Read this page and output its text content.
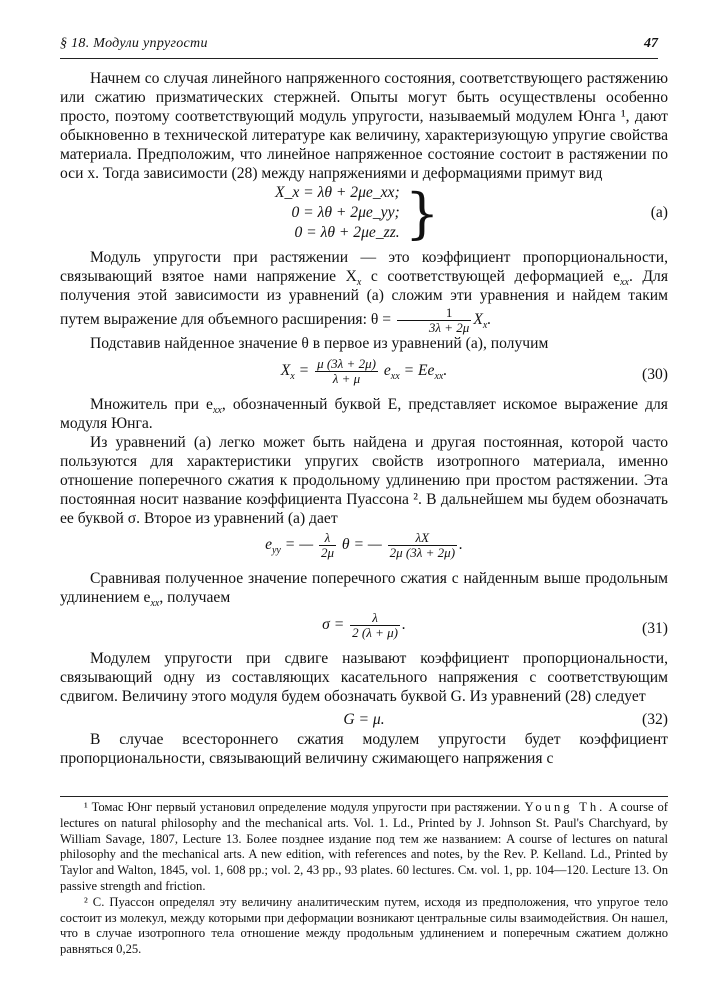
§ 18. Модули упругости	47

Начнем со случая линейного напряженного состояния, соответствующего растяжению или сжатию призматических стержней. Опыты могут быть осуществлены особенно просто, поэтому соответствующий модуль упругости, называемый модулем Юнга ¹, дают обыкновенно в технической литературе как величину, характеризующую упругие свойства материала. Предположим, что линейное напряженное состояние состоит в растяжении по оси x. Тогда зависимости (28) между напряжениями и деформациями примут вид

X_x = λθ + 2μe_xx;
0 = λθ + 2μe_yy;
0 = λθ + 2μe_zz. }	(a)

Модуль упругости при растяжении — это коэффициент пропорциональности, связывающий взятое нами напряжение $X_x$ с соответствующей деформацией $e_{xx}$. Для получения этой зависимости из уравнений (а) сложим эти уравнения и найдем таким путем выражение для объемного расширения: $\theta = \frac{1}{3\lambda + 2\mu} X_x$.

Подставив найденное значение θ в первое из уравнений (а), получим

$X_x = \frac{\mu (3\lambda + 2\mu)}{\lambda + \mu} e_{xx} = Ee_{xx}$.	(30)

Множитель при $e_{xx}$, обозначенный буквой E, представляет искомое выражение для модуля Юнга.

Из уравнений (а) легко может быть найдена и другая постоянная, которой часто пользуются для характеристики упругих свойств изотропного материала, именно отношение поперечного сжатия к продольному удлинению при простом растяжении. Эта постоянная носит название коэффициента Пуассона ². В дальнейшем мы будем обозначать ее буквой σ. Второе из уравнений (а) дает

$e_{yy}$ = — $\frac{\lambda}{2\mu}$ θ = — $\frac{\lambda X}{2\mu (3\lambda + 2\mu)}$ .

Сравнивая полученное значение поперечного сжатия с найденным выше продольным удлинением $e_{xx}$, получаем

$\sigma = \frac{\lambda}{2 (\lambda + \mu)}$ .	(31)

Модулем упругости при сдвиге называют коэффициент пропорциональности, связывающий одну из составляющих касательного напряжения с соответствующим сдвигом. Величину этого модуля будем обозначать буквой G. Из уравнений (28) следует

G = μ.	(32)

В случае всестороннего сжатия модулем упругости будет коэффициент пропорциональности, связывающий величину сжимающего напряжения с

¹ Томас Юнг первый установил определение модуля упругости при растяжении. Young Th. A course of lectures on natural philosophy and the mechanical arts. Vol. 1. Ld., Printed by J. Johnson St. Paul's Charchyard, by William Savage, 1807, Lecture 13. Более позднее издание под тем же названием: A course of lectures on natural philosophy and the mechanical arts. A new edition, with references and notes, by the Rev. P. Kelland. Ld., Printed by Taylor and Walton, 1845, vol. 1, 608 pp.; vol. 2, 43 pp., 93 plates. 60 lectures. См. vol. 1, pp. 104—120. Lecture 13. On passive strength and friction.

² С. Пуассон определял эту величину аналитическим путем, исходя из предположения, что упругое тело состоит из молекул, между которыми при деформации возникают центральные силы взаимодействия. Он нашел, что в случае изотропного тела отношение между продольным удлинением и поперечным сжатием должно равняться 0,25.
